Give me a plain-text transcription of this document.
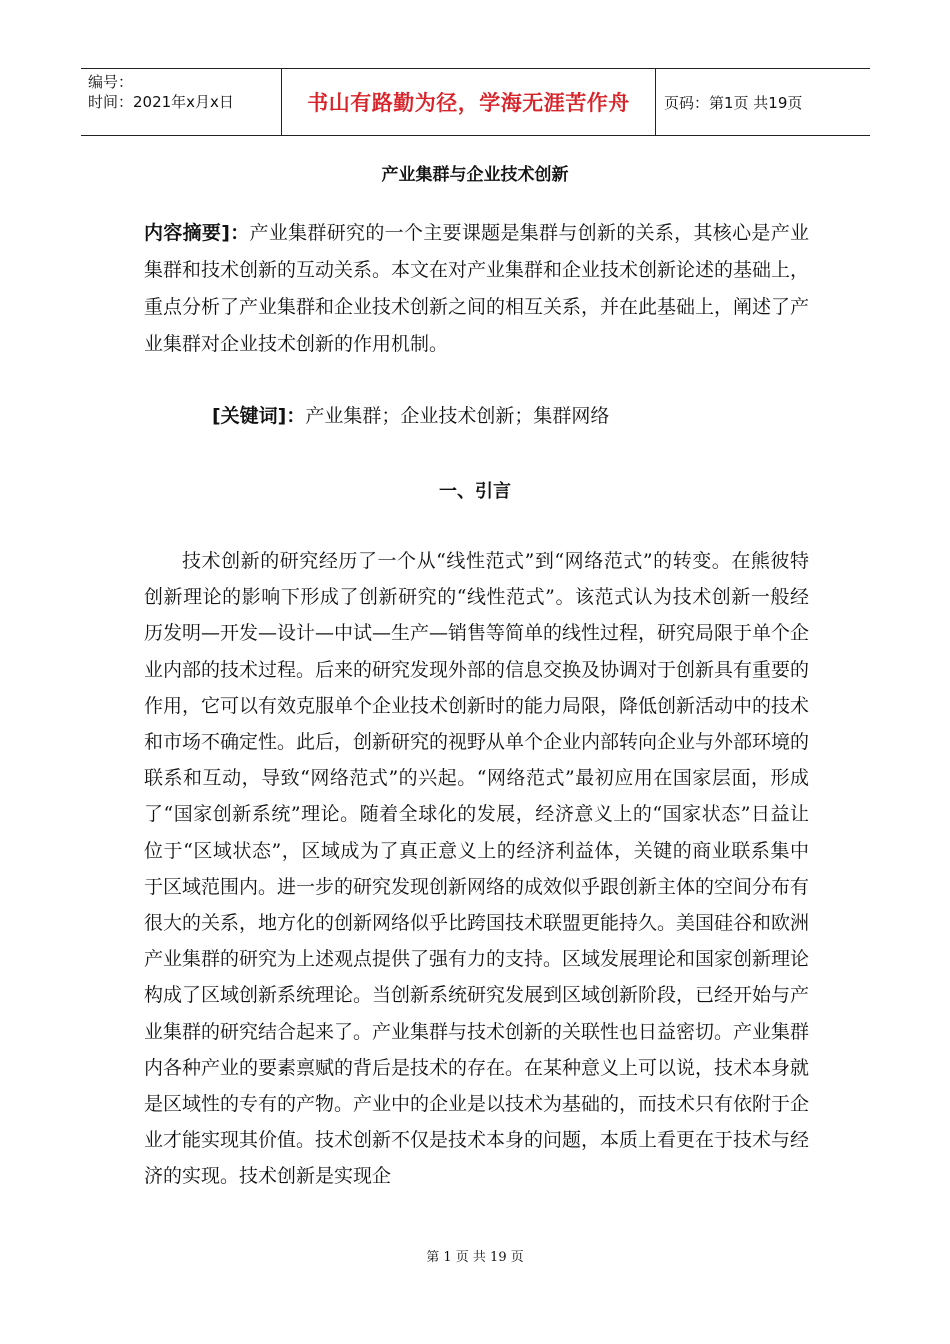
编号：
时间：2021年x月x日	书山有路勤为径，学海无涯苦作舟 页码：第1页 共19页
产业集群与企业技术创新
内容摘要]：产业集群研究的一个主要课题是集群与创新的关系，其核心是产业集群和技术创新的互动关系。本文在对产业集群和企业技术创新论述的基础上，重点分析了产业集群和企业技术创新之间的相互关系，并在此基础上，阐述了产业集群对企业技术创新的作用机制。
[关键词]：产业集群；企业技术创新；集群网络
一、引言
技术创新的研究经历了一个从“线性范式”到“网络范式”的转变。在熊彼特创新理论的影响下形成了创新研究的“线性范式”。该范式认为技术创新一般经历发明—开发—设计—中试—生产—销售等简单的线性过程，研究局限于单个企业内部的技术过程。后来的研究发现外部的信息交换及协调对于创新具有重要的作用，它可以有效克服单个企业技术创新时的能力局限，降低创新活动中的技术和市场不确定性。此后，创新研究的视野从单个企业内部转向企业与外部环境的联系和互动，导致“网络范式”的兴起。“网络范式”最初应用在国家层面，形成了“国家创新系统”理论。随着全球化的发展，经济意义上的“国家状态”日益让位于“区域状态”，区域成为了真正意义上的经济利益体，关键的商业联系集中于区域范围内。进一步的研究发现创新网络的成效似乎跟创新主体的空间分布有很大的关系，地方化的创新网络似乎比跨国技术联盟更能持久。美国硅谷和欧洲产业集群的研究为上述观点提供了强有力的支持。区域发展理论和国家创新理论构成了区域创新系统理论。当创新系统研究发展到区域创新阶段，已经开始与产业集群的研究结合起来了。产业集群与技术创新的关联性也日益密切。产业集群内各种产业的要素禀赋的背后是技术的存在。在某种意义上可以说，技术本身就是区域性的专有的产物。产业中的企业是以技术为基础的，而技术只有依附于企业才能实现其价值。技术创新不仅是技术本身的问题，本质上看更在于技术与经济的实现。技术创新是实现企
第 1 页 共 19 页
